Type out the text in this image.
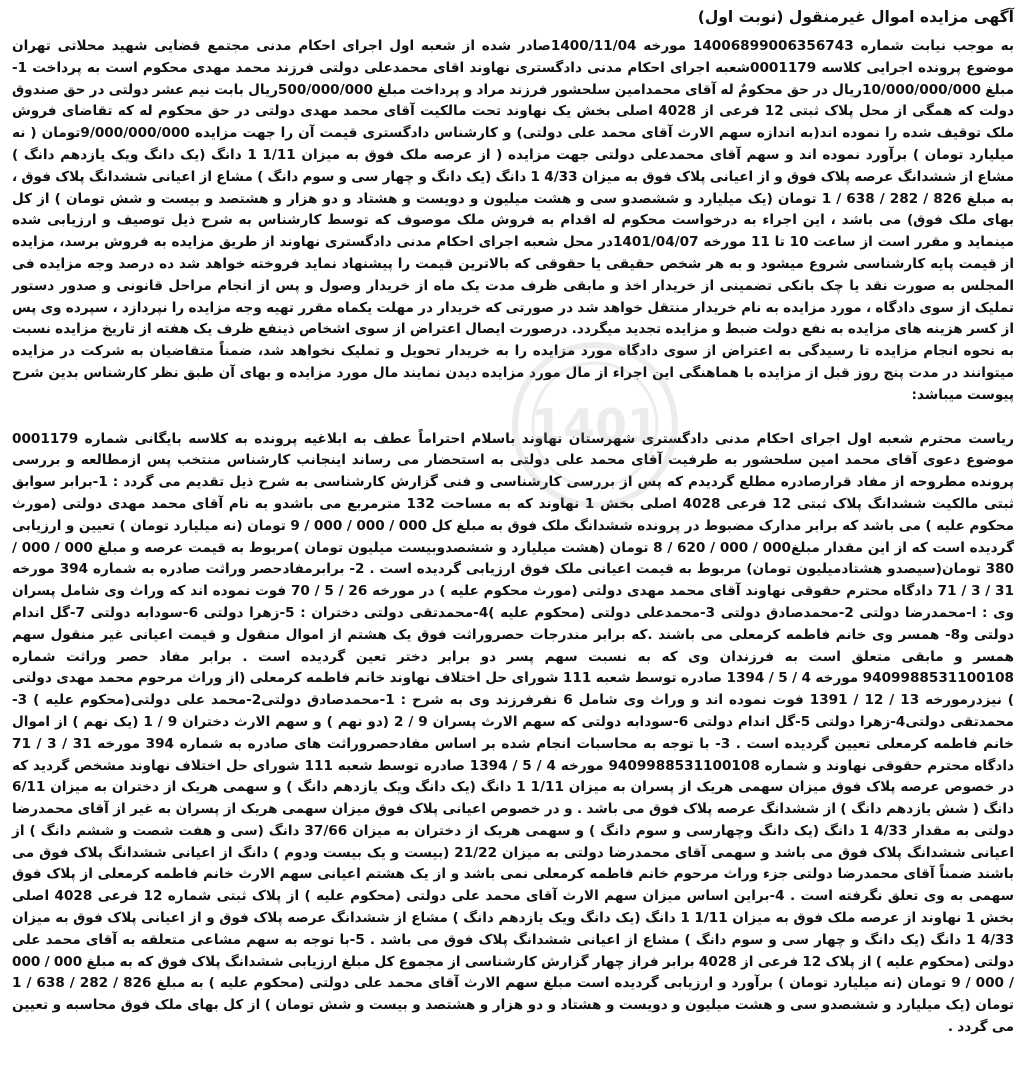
آگهی مزایده اموال غیرمنقول (نوبت اول)

به موجب نیابت شماره 14006899006356743 مورخه 1400/11/04صادر شده از شعبه اول اجرای احکام مدنی مجتمع قضایی شهید محلاتی تهران موضوع پرونده اجرایی کلاسه 0001179شعبه اجرای احکام مدنی دادگستری نهاوند اقای محمدعلی دولتی فرزند محمد مهدی محکوم است به پرداخت 1- مبلغ 10/000/000/000ریال در حق محکومٌ له آقای محمدامین سلحشور فرزند مراد و پرداخت مبلغ 500/000/000ریال بابت نیم عشر دولتی در حق صندوق دولت که همگی از محل پلاک ثبتی 12 فرعی از 4028 اصلی بخش یک نهاوند تحت مالکیت آقای محمد مهدی دولتی در حق محکوم له که تقاضای فروش ملک توقیف شده را نموده اند(به اندازه سهم الارث آقای محمد علی دولتی) و کارشناس دادگستری قیمت آن را جهت مزایده 9/000/000/000تومان ( نه میلیارد تومان ) برآورد نموده اند و سهم آقای محمدعلی دولتی جهت مزایده ( از عرصه ملک فوق به میزان 1/11 1 دانگ (یک دانگ ویک یازدهم دانگ ) مشاع از ششدانگ عرصه پلاک فوق و از اعیانی پلاک فوق به میزان 4/33 1 دانگ (یک دانگ و چهار سی و سوم دانگ ) مشاع از اعیانی ششدانگ پلاک فوق ، به مبلغ 826 / 282 / 638 / 1 تومان (یک میلیارد و ششصدو سی و هشت میلیون و دویست و هشتاد و دو هزار و هشتصد و بیست و شش تومان ) از کل بهای ملک فوق) می باشد ، این اجراء به درخواست محکوم له اقدام به فروش ملک موصوف که توسط کارشناس به شرح ذیل توصیف و ارزیابی شده مینماید و مقرر است از ساعت 10 تا 11 مورخه 1401/04/07در محل شعبه اجرای احکام مدنی دادگستری نهاوند از طریق مزایده به فروش برسد، مزایده از قیمت پایه کارشناسی شروع میشود و به هر شخص حقیقی یا حقوقی که بالاترین قیمت را پیشنهاد نماید فروخته خواهد شد ده درصد وجه مزایده فی المجلس به صورت نقد یا چک بانکی تضمینی از خریدار اخذ و مابقی ظرف مدت یک ماه از خریدار وصول و پس از انجام مراحل قانونی و صدور دستور تملیک از سوی دادگاه ، مورد مزایده به نام خریدار منتقل خواهد شد در صورتی که خریدار در مهلت یکماه مقرر تهیه وجه مزایده را نپردازد ، سپرده وی پس از کسر هزینه های مزایده به نفع دولت ضبط و مزایده تجدید میگردد. درصورت ایصال اعتراض از سوی اشخاص ذینفع ظرف یک هفته از تاریخ مزایده نسبت به نحوه انجام مزایده تا رسیدگی به اعتراض از سوی دادگاه مورد مزایده را به خریدار تحویل و تملیک نخواهد شد، ضمناً متقاضیان به شرکت در مزایده میتوانند در مدت پنج روز قبل از مزایده با هماهنگی این اجراء از مال مورد مزایده دیدن نمایند مال مورد مزایده و بهای آن طبق نظر کارشناس بدین شرح پیوست میباشد:

ریاست محترم شعبه اول اجرای احکام مدنی دادگستری شهرستان نهاوند باسلام احتراماً عطف به ابلاغیه پرونده به کلاسه بایگانی شماره 0001179 موضوع دعوی آقای محمد امین سلحشور به طرفیت آقای محمد علی دولتی به استحضار می رساند اینجانب کارشناس منتخب پس ازمطالعه و بررسی پرونده مطروحه از مفاد قرارصادره مطلع گردیدم که پس از بررسی کارشناسی و فنی گزارش کارشناسی به شرح ذیل تقدیم می گردد : 1-برابر سوابق ثبتی مالکیت ششدانگ پلاک ثبتی 12 فرعی 4028 اصلی بخش 1 نهاوند که به مساحت 132 مترمربع می باشدو به نام آقای محمد مهدی دولتی (مورث محکوم علیه ) می باشد که برابر مدارک مضبوط در پرونده ششدانگ ملک فوق به مبلغ کل 000 / 000 / 000 / 9 تومان (نه میلیارد تومان ) تعیین و ارزیابی گردیده است که از این مقدار مبلغ000 / 000 / 620 / 8 تومان (هشت میلیارد و ششصدوبیست میلیون تومان )مربوط به قیمت عرصه و مبلغ 000 / 000 / 380 تومان(سیصدو هشتادمیلیون تومان) مربوط به قیمت اعیانی ملک فوق ارزیابی گردیده است . 2- برابرمفادحصر وراثت صادره به شماره 394 مورخه 31 / 3 / 71 دادگاه محترم حقوقی نهاوند آقای محمد مهدی دولتی (مورث محکوم علیه ) در مورخه 26 / 5 / 70 فوت نموده اند که وراث وی شامل پسران وی : ا-محمدرضا دولتی 2-محمدصادق دولتی 3-محمدعلی دولتی (محکوم علیه )4-محمدتقی دولتی دختران : 5-زهرا دولتی 6-سودابه دولتی 7-گل اندام دولتی و8- همسر وی خانم فاطمه کرمعلی می باشند .که برابر مندرجات حصروراثت فوق یک هشتم از اموال منقول و قیمت اعیانی غیر منقول سهم همسر و مابقی متعلق است به فرزندان وی که به نسبت سهم پسر دو برابر دختر تعین گردیده است . برابر مفاد حصر وراثت شماره 9409988531100108 مورخه 4 / 5 / 1394 صادره توسط شعبه 111 شورای حل اختلاف نهاوند خانم فاطمه کرمعلی (از وراث مرحوم محمد مهدی دولتی ) نیزدرمورخه 13 / 12 / 1391 فوت نموده اند و وراث وی شامل 6 نفرفرزند وی به شرح : 1-محمدصادق دولتی2-محمد علی دولتی(محکوم علیه ) 3-محمدتقی دولتی4-زهرا دولتی 5-گل اندام دولتی 6-سودابه دولتی که سهم الارث پسران 9 / 2 (دو نهم ) و سهم الارث دختران 9 / 1 (یک نهم ) از اموال خانم فاطمه کرمعلی تعیین گردیده است . 3- با توجه به محاسبات انجام شده بر اساس مفادحصروراثت های صادره به شماره 394 مورخه 31 / 3 / 71 دادگاه محترم حقوقی نهاوند و شماره 9409988531100108 مورخه 4 / 5 / 1394 صادره توسط شعبه 111 شورای حل اختلاف نهاوند مشخص گردید که در خصوص عرصه پلاک فوق میزان سهمی هریک از پسران به میزان 1/11 1 دانگ (یک دانگ ویک یازدهم دانگ ) و سهمی هریک از دختران به میزان 6/11 دانگ ( شش یازدهم دانگ ) از ششدانگ عرصه پلاک فوق می باشد . و در خصوص اعیانی پلاک فوق میزان سهمی هریک از پسران به غیر از آقای محمدرضا دولتی به مقدار 4/33 1 دانگ (یک دانگ وچهارسی و سوم دانگ ) و سهمی هریک از دختران به میزان 37/66 دانگ (سی و هفت شصت و ششم دانگ ) از اعیانی ششدانگ پلاک فوق می باشد و سهمی آقای محمدرضا دولتی به میزان 21/22 (بیست و یک بیست ودوم ) دانگ از اعیانی ششدانگ پلاک فوق می باشند ضمناً آقای محمدرضا دولتی جزء وراث مرحوم خانم فاطمه کرمعلی نمی باشد و از یک هشتم اعیانی سهم الارث خانم فاطمه کرمعلی از پلاک فوق سهمی به وی تعلق نگرفته است . 4-براین اساس میزان سهم الارث آقای محمد علی دولتی (محکوم علیه ) از پلاک ثبتی شماره 12 فرعی 4028 اصلی بخش 1 نهاوند از عرصه ملک فوق به میزان 1/11 1 دانگ (یک دانگ ویک یازدهم دانگ ) مشاع از ششدانگ عرصه پلاک فوق و از اعیانی پلاک فوق به میزان 4/33 1 دانگ (یک دانگ و چهار سی و سوم دانگ ) مشاع از اعیانی ششدانگ پلاک فوق می باشد . 5-با توجه به سهم مشاعی متعلقه به آقای محمد علی دولتی (محکوم علیه ) از پلاک 12 فرعی از 4028 برابر فراز چهار گزارش کارشناسی از مجموع کل مبلغ ارزیابی ششدانگ پلاک فوق که به مبلغ 000 / 000 / 000 / 9 تومان (نه میلیارد تومان ) برآورد و ارزیابی گردیده است مبلغ سهم الارث آقای محمد علی دولتی (محکوم علیه ) به مبلغ 826 / 282 / 638 / 1 تومان (یک میلیارد و ششصدو سی و هشت میلیون و دویست و هشتاد و دو هزار و هشتصد و بیست و شش تومان ) از کل بهای ملک فوق محاسبه و تعیین می گردد .

1401
